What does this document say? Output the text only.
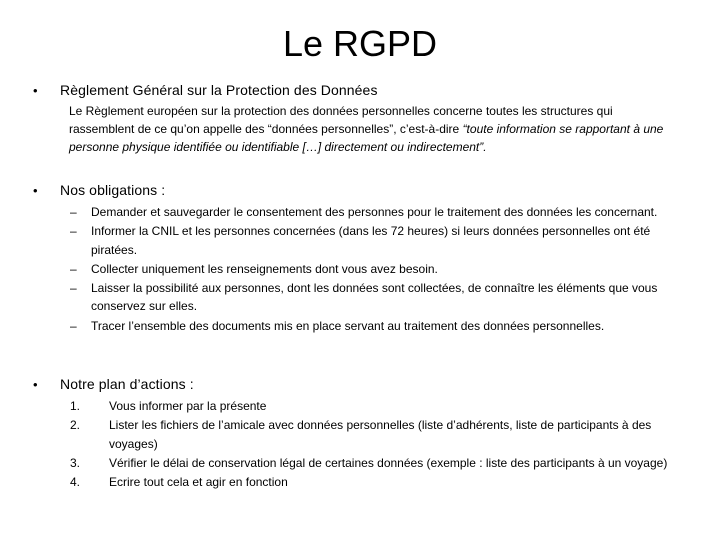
Le RGPD
• Règlement Général sur la Protection des Données
Le Règlement européen sur la protection des données personnelles concerne toutes les structures qui rassemblent de ce qu’on appelle des “données personnelles”, c’est-à-dire “toute information se rapportant à une personne physique identifiée ou identifiable […] directement ou indirectement”.
• Nos obligations :
– Demander et sauvegarder le consentement des personnes pour le traitement des données les concernant.
– Informer la CNIL et les personnes concernées (dans les 72 heures) si leurs données personnelles ont été piratées.
– Collecter uniquement les renseignements dont vous avez besoin.
– Laisser la possibilité aux personnes, dont les données sont collectées, de connaître les éléments que vous conservez sur elles.
– Tracer l’ensemble des documents mis en place servant au traitement des données personnelles.
• Notre plan d’actions :
1. Vous informer par la présente
2. Lister les fichiers de l’amicale avec données personnelles (liste d’adhérents, liste de participants à des voyages)
3. Vérifier le délai de conservation légal de certaines données (exemple : liste des participants à un voyage)
4. Ecrire tout cela et agir en fonction
